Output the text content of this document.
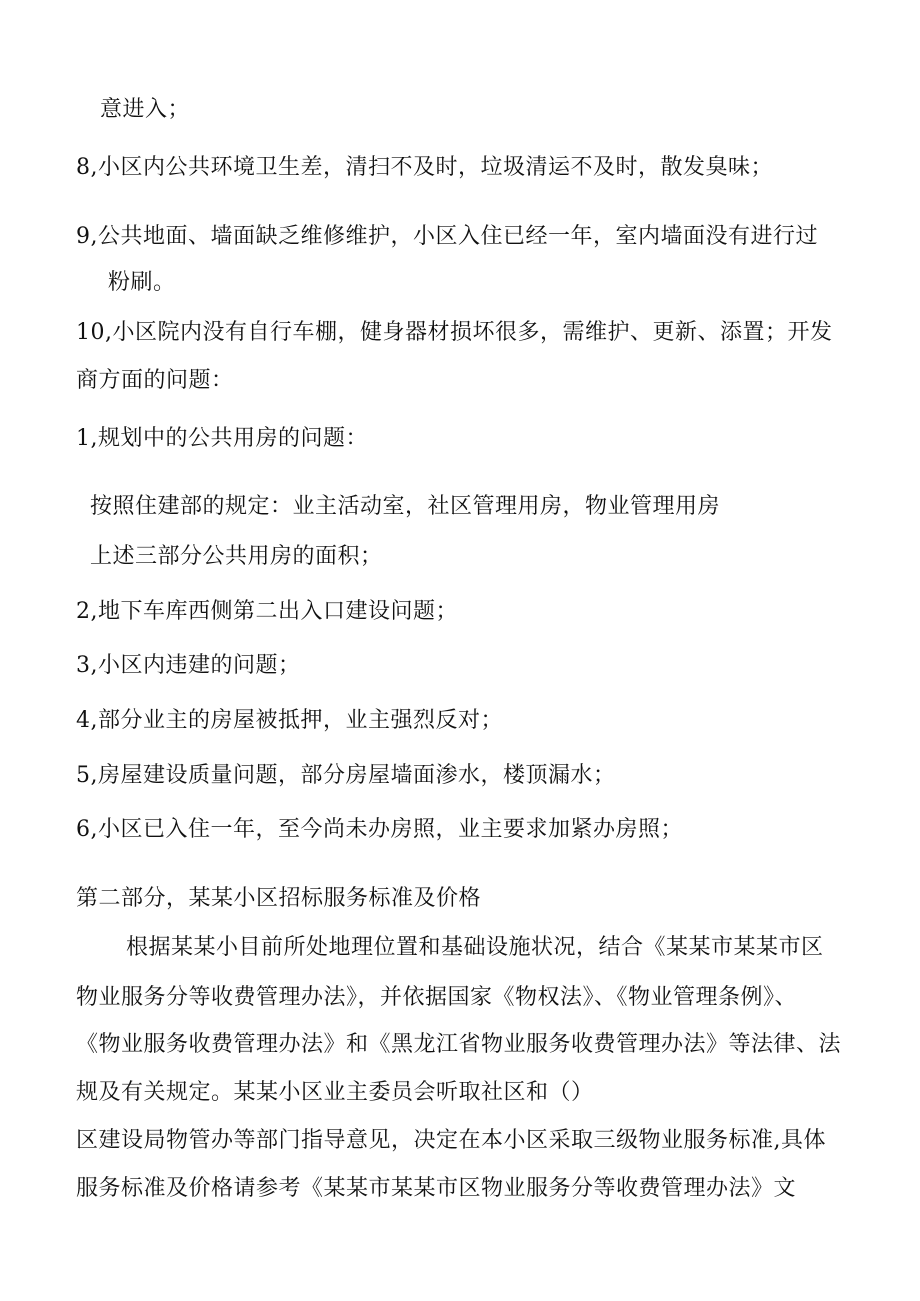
意进入；
8,小区内公共环境卫生差，清扫不及时，垃圾清运不及时，散发臭味；
9,公共地面、墙面缺乏维修维护，小区入住已经一年，室内墙面没有进行过
粉刷。
10,小区院内没有自行车棚，健身器材损坏很多，需维护、更新、添置；开发
商方面的问题：
1,规划中的公共用房的问题：
按照住建部的规定：业主活动室，社区管理用房，物业管理用房
上述三部分公共用房的面积；
2,地下车库西侧第二出入口建设问题；
3,小区内违建的问题；
4,部分业主的房屋被抵押，业主强烈反对；
5,房屋建设质量问题，部分房屋墙面渗水，楼顶漏水；
6,小区已入住一年，至今尚未办房照，业主要求加紧办房照；
第二部分，某某小区招标服务标准及价格
根据某某小目前所处地理位置和基础设施状况，结合《某某市某某市区
物业服务分等收费管理办法》，并依据国家《物权法》、《物业管理条例》、
《物业服务收费管理办法》和《黑龙江省物业服务收费管理办法》等法律、法
规及有关规定。某某小区业主委员会听取社区和（）
区建设局物管办等部门指导意见，决定在本小区采取三级物业服务标准,具体
服务标准及价格请参考《某某市某某市区物业服务分等收费管理办法》文
